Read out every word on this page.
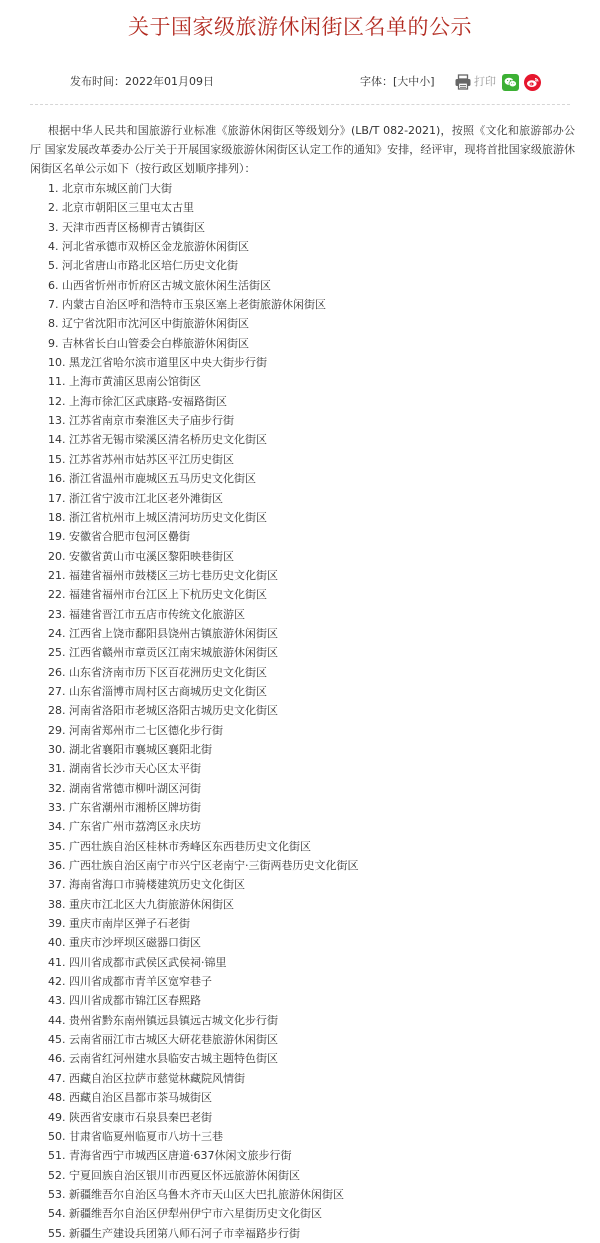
关于国家级旅游休闲街区名单的公示
发布时间：2022年01月09日	字体：[大中小]	打印

根据中华人民共和国旅游行业标准《旅游休闲街区等级划分》(LB/T 082-2021)，按照《文化和旅游部办公厅 国家发展改革委办公厅关于开展国家级旅游休闲街区认定工作的通知》安排，经评审，现将首批国家级旅游休闲街区名单公示如下（按行政区划顺序排列）：

1. 北京市东城区前门大街
2. 北京市朝阳区三里屯太古里
3. 天津市西青区杨柳青古镇街区
4. 河北省承德市双桥区金龙旅游休闲街区
5. 河北省唐山市路北区培仁历史文化街
6. 山西省忻州市忻府区古城文旅休闲生活街区
7. 内蒙古自治区呼和浩特市玉泉区塞上老街旅游休闲街区
8. 辽宁省沈阳市沈河区中街旅游休闲街区
9. 吉林省长白山管委会白桦旅游休闲街区
10. 黑龙江省哈尔滨市道里区中央大街步行街
11. 上海市黄浦区思南公馆街区
12. 上海市徐汇区武康路-安福路街区
13. 江苏省南京市秦淮区夫子庙步行街
14. 江苏省无锡市梁溪区清名桥历史文化街区
15. 江苏省苏州市姑苏区平江历史街区
16. 浙江省温州市鹿城区五马历史文化街区
17. 浙江省宁波市江北区老外滩街区
18. 浙江省杭州市上城区清河坊历史文化街区
19. 安徽省合肥市包河区罍街
20. 安徽省黄山市屯溪区黎阳映巷街区
21. 福建省福州市鼓楼区三坊七巷历史文化街区
22. 福建省福州市台江区上下杭历史文化街区
23. 福建省晋江市五店市传统文化旅游区
24. 江西省上饶市鄱阳县饶州古镇旅游休闲街区
25. 江西省赣州市章贡区江南宋城旅游休闲街区
26. 山东省济南市历下区百花洲历史文化街区
27. 山东省淄博市周村区古商城历史文化街区
28. 河南省洛阳市老城区洛阳古城历史文化街区
29. 河南省郑州市二七区德化步行街
30. 湖北省襄阳市襄城区襄阳北街
31. 湖南省长沙市天心区太平街
32. 湖南省常德市柳叶湖区河街
33. 广东省潮州市湘桥区牌坊街
34. 广东省广州市荔湾区永庆坊
35. 广西壮族自治区桂林市秀峰区东西巷历史文化街区
36. 广西壮族自治区南宁市兴宁区老南宁·三街两巷历史文化街区
37. 海南省海口市骑楼建筑历史文化街区
38. 重庆市江北区大九街旅游休闲街区
39. 重庆市南岸区弹子石老街
40. 重庆市沙坪坝区磁器口街区
41. 四川省成都市武侯区武侯祠·锦里
42. 四川省成都市青羊区宽窄巷子
43. 四川省成都市锦江区春熙路
44. 贵州省黔东南州镇远县镇远古城文化步行街
45. 云南省丽江市古城区大研花巷旅游休闲街区
46. 云南省红河州建水县临安古城主题特色街区
47. 西藏自治区拉萨市慈觉林藏院风情街
48. 西藏自治区昌都市茶马城街区
49. 陕西省安康市石泉县秦巴老街
50. 甘肃省临夏州临夏市八坊十三巷
51. 青海省西宁市城西区唐道·637休闲文旅步行街
52. 宁夏回族自治区银川市西夏区怀远旅游休闲街区
53. 新疆维吾尔自治区乌鲁木齐市天山区大巴扎旅游休闲街区
54. 新疆维吾尔自治区伊犁州伊宁市六星街历史文化街区
55. 新疆生产建设兵团第八师石河子市幸福路步行街
